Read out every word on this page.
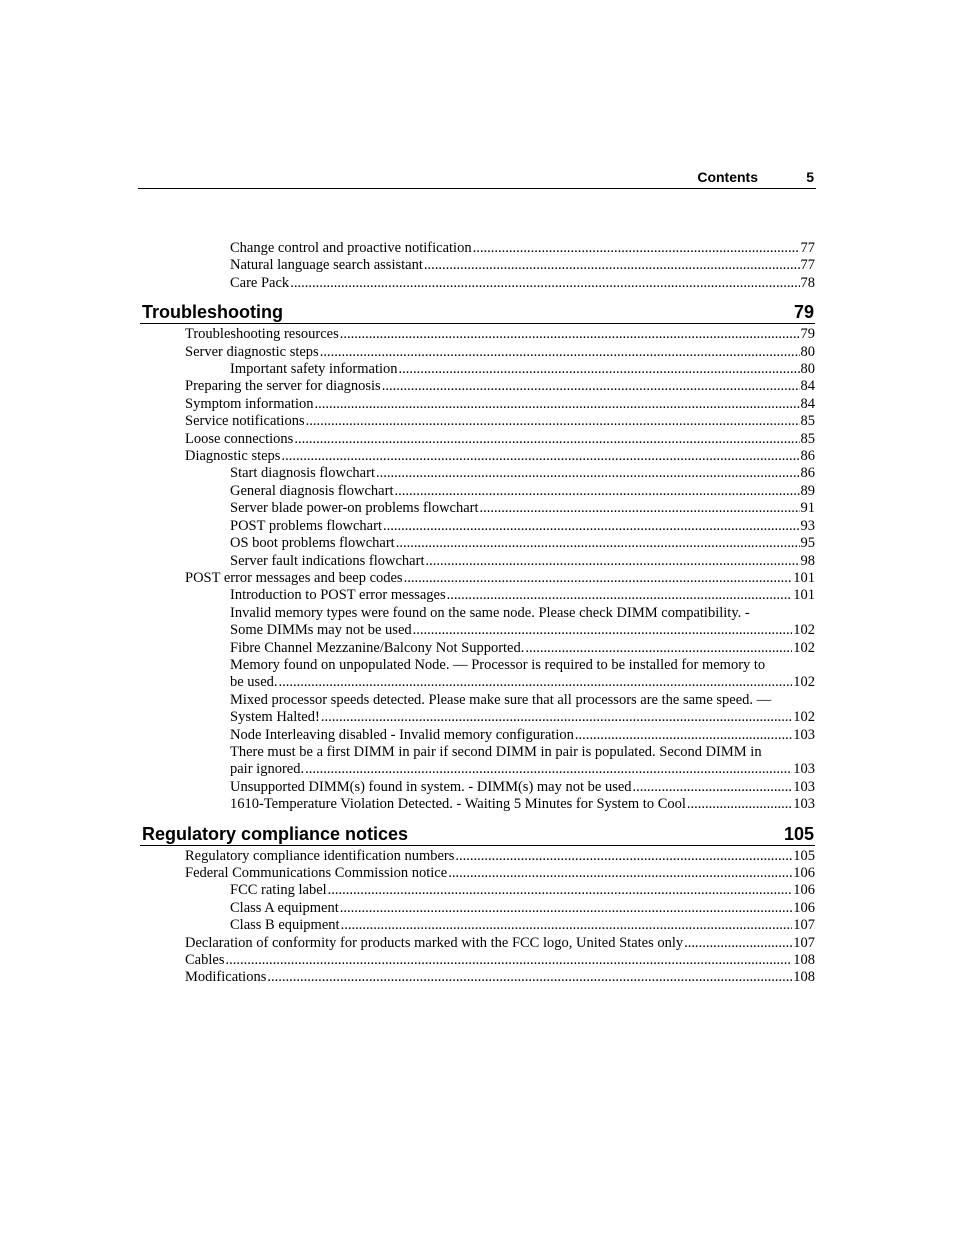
Contents	5
Change control and proactive notification .....	77
Natural language search assistant .....	77
Care Pack .....	78
Troubleshooting	79
Troubleshooting resources .....	79
Server diagnostic steps .....	80
Important safety information .....	80
Preparing the server for diagnosis .....	84
Symptom information .....	84
Service notifications .....	85
Loose connections .....	85
Diagnostic steps .....	86
Start diagnosis flowchart .....	86
General diagnosis flowchart .....	89
Server blade power-on problems flowchart .....	91
POST problems flowchart .....	93
OS boot problems flowchart .....	95
Server fault indications flowchart .....	98
POST error messages and beep codes .....	101
Introduction to POST error messages .....	101
Invalid memory types were found on the same node. Please check DIMM compatibility. -
Some DIMMs may not be used .....	102
Fibre Channel Mezzanine/Balcony Not Supported. .....	102
Memory found on unpopulated Node. — Processor is required to be installed for memory to
be used. .....	102
Mixed processor speeds detected. Please make sure that all processors are the same speed. —
System Halted! .....	102
Node Interleaving disabled - Invalid memory configuration .....	103
There must be a first DIMM in pair if second DIMM in pair is populated. Second DIMM in
pair ignored. .....	103
Unsupported DIMM(s) found in system. - DIMM(s) may not be used .....	103
1610-Temperature Violation Detected. - Waiting 5 Minutes for System to Cool .....	103
Regulatory compliance notices	105
Regulatory compliance identification numbers .....	105
Federal Communications Commission notice .....	106
FCC rating label .....	106
Class A equipment .....	106
Class B equipment .....	107
Declaration of conformity for products marked with the FCC logo, United States only .....	107
Cables .....	108
Modifications .....	108
